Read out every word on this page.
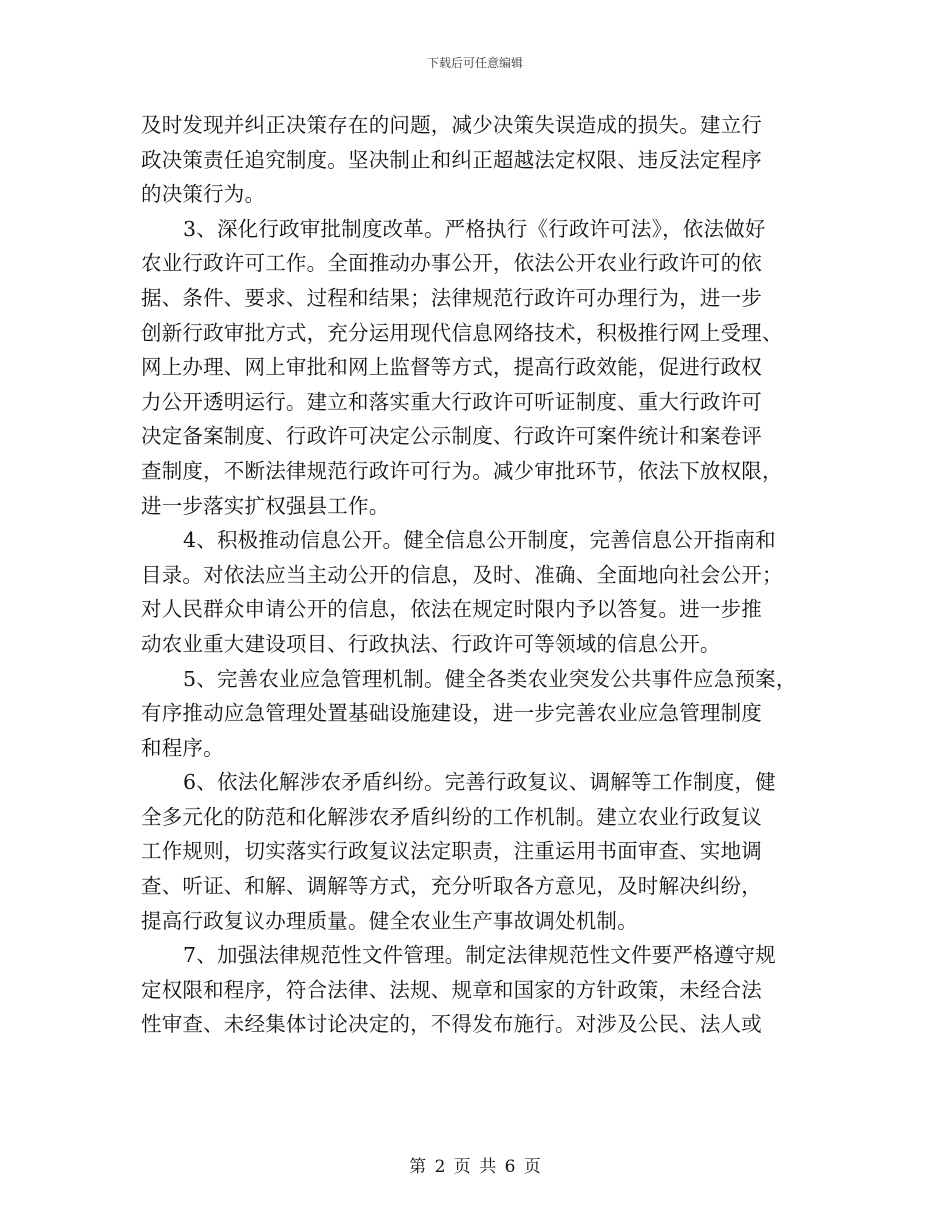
下载后可任意编辑
及时发现并纠正决策存在的问题，减少决策失误造成的损失。建立行
政决策责任追究制度。坚决制止和纠正超越法定权限、违反法定程序
的决策行为。
3、深化行政审批制度改革。严格执行《行政许可法》，依法做好
农业行政许可工作。全面推动办事公开，依法公开农业行政许可的依
据、条件、要求、过程和结果；法律规范行政许可办理行为，进一步
创新行政审批方式，充分运用现代信息网络技术，积极推行网上受理、
网上办理、网上审批和网上监督等方式，提高行政效能，促进行政权
力公开透明运行。建立和落实重大行政许可听证制度、重大行政许可
决定备案制度、行政许可决定公示制度、行政许可案件统计和案卷评
查制度，不断法律规范行政许可行为。减少审批环节，依法下放权限，
进一步落实扩权强县工作。
4、积极推动信息公开。健全信息公开制度，完善信息公开指南和
目录。对依法应当主动公开的信息，及时、准确、全面地向社会公开；
对人民群众申请公开的信息，依法在规定时限内予以答复。进一步推
动农业重大建设项目、行政执法、行政许可等领域的信息公开。
5、完善农业应急管理机制。健全各类农业突发公共事件应急预案，
有序推动应急管理处置基础设施建设，进一步完善农业应急管理制度
和程序。
6、依法化解涉农矛盾纠纷。完善行政复议、调解等工作制度，健
全多元化的防范和化解涉农矛盾纠纷的工作机制。建立农业行政复议
工作规则，切实落实行政复议法定职责，注重运用书面审查、实地调
查、听证、和解、调解等方式，充分听取各方意见，及时解决纠纷，
提高行政复议办理质量。健全农业生产事故调处机制。
7、加强法律规范性文件管理。制定法律规范性文件要严格遵守规
定权限和程序，符合法律、法规、规章和国家的方针政策，未经合法
性审查、未经集体讨论决定的，不得发布施行。对涉及公民、法人或
第 2 页 共 6 页
